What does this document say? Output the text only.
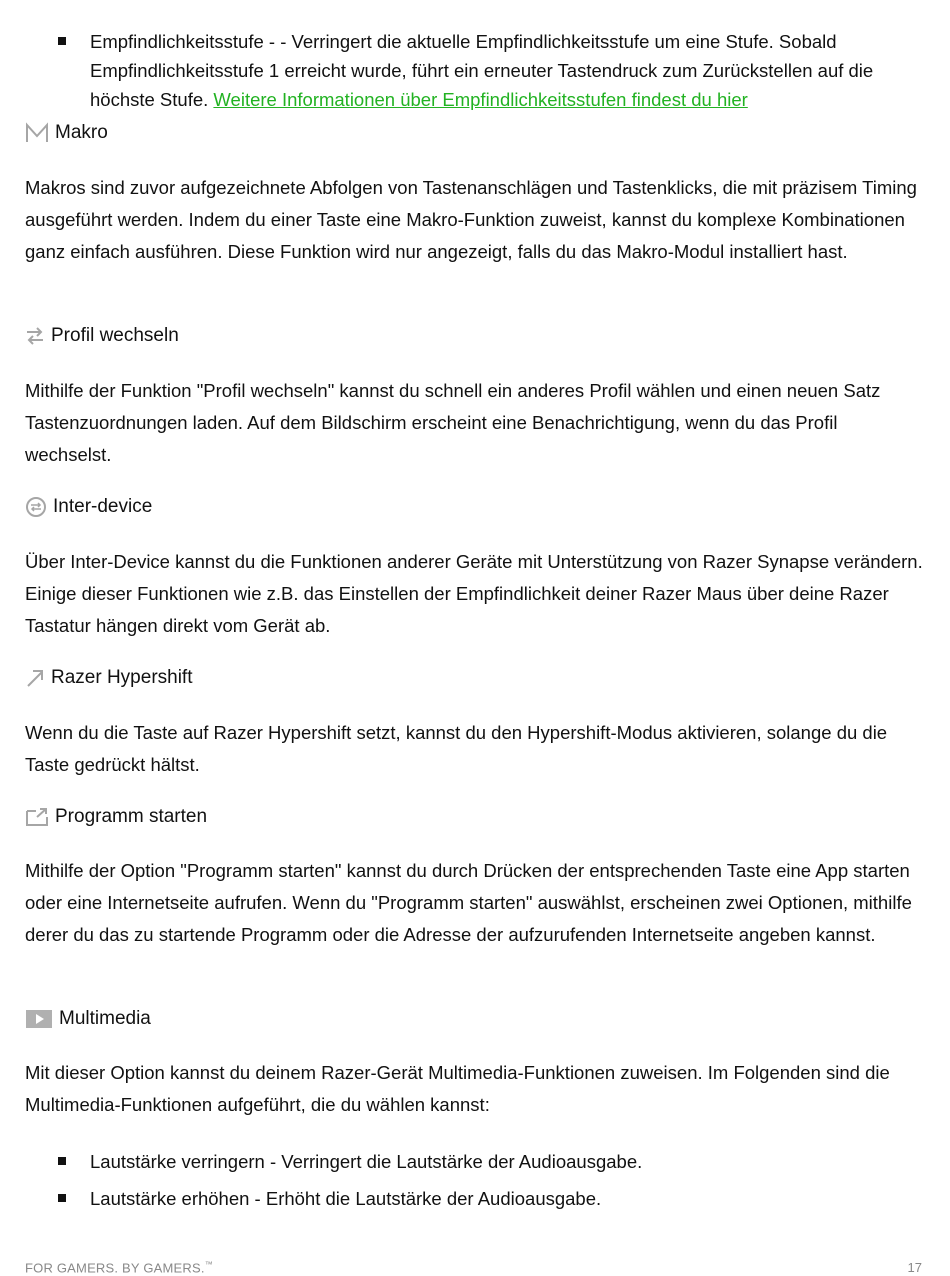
Empfindlichkeitsstufe - - Verringert die aktuelle Empfindlichkeitsstufe um eine Stufe. Sobald Empfindlichkeitsstufe 1 erreicht wurde, führt ein erneuter Tastendruck zum Zurückstellen auf die höchste Stufe. Weitere Informationen über Empfindlichkeitsstufen findest du hier
Makro

Makros sind zuvor aufgezeichnete Abfolgen von Tastenanschlägen und Tastenklicks, die mit präzisem Timing ausgeführt werden. Indem du einer Taste eine Makro-Funktion zuweist, kannst du komplexe Kombinationen ganz einfach ausführen. Diese Funktion wird nur angezeigt, falls du das Makro-Modul installiert hast.

Profil wechseln

Mithilfe der Funktion "Profil wechseln" kannst du schnell ein anderes Profil wählen und einen neuen Satz Tastenzuordnungen laden. Auf dem Bildschirm erscheint eine Benachrichtigung, wenn du das Profil wechselst.

Inter-device

Über Inter-Device kannst du die Funktionen anderer Geräte mit Unterstützung von Razer Synapse verändern. Einige dieser Funktionen wie z.B. das Einstellen der Empfindlichkeit deiner Razer Maus über deine Razer Tastatur hängen direkt vom Gerät ab.

Razer Hypershift

Wenn du die Taste auf Razer Hypershift setzt, kannst du den Hypershift-Modus aktivieren, solange du die Taste gedrückt hältst.

Programm starten

Mithilfe der Option "Programm starten" kannst du durch Drücken der entsprechenden Taste eine App starten oder eine Internetseite aufrufen. Wenn du "Programm starten" auswählst, erscheinen zwei Optionen, mithilfe derer du das zu startende Programm oder die Adresse der aufzurufenden Internetseite angeben kannst.

Multimedia

Mit dieser Option kannst du deinem Razer-Gerät Multimedia-Funktionen zuweisen. Im Folgenden sind die Multimedia-Funktionen aufgeführt, die du wählen kannst:

Lautstärke verringern - Verringert die Lautstärke der Audioausgabe.
Lautstärke erhöhen - Erhöht die Lautstärke der Audioausgabe.
FOR GAMERS. BY GAMERS.™	17
